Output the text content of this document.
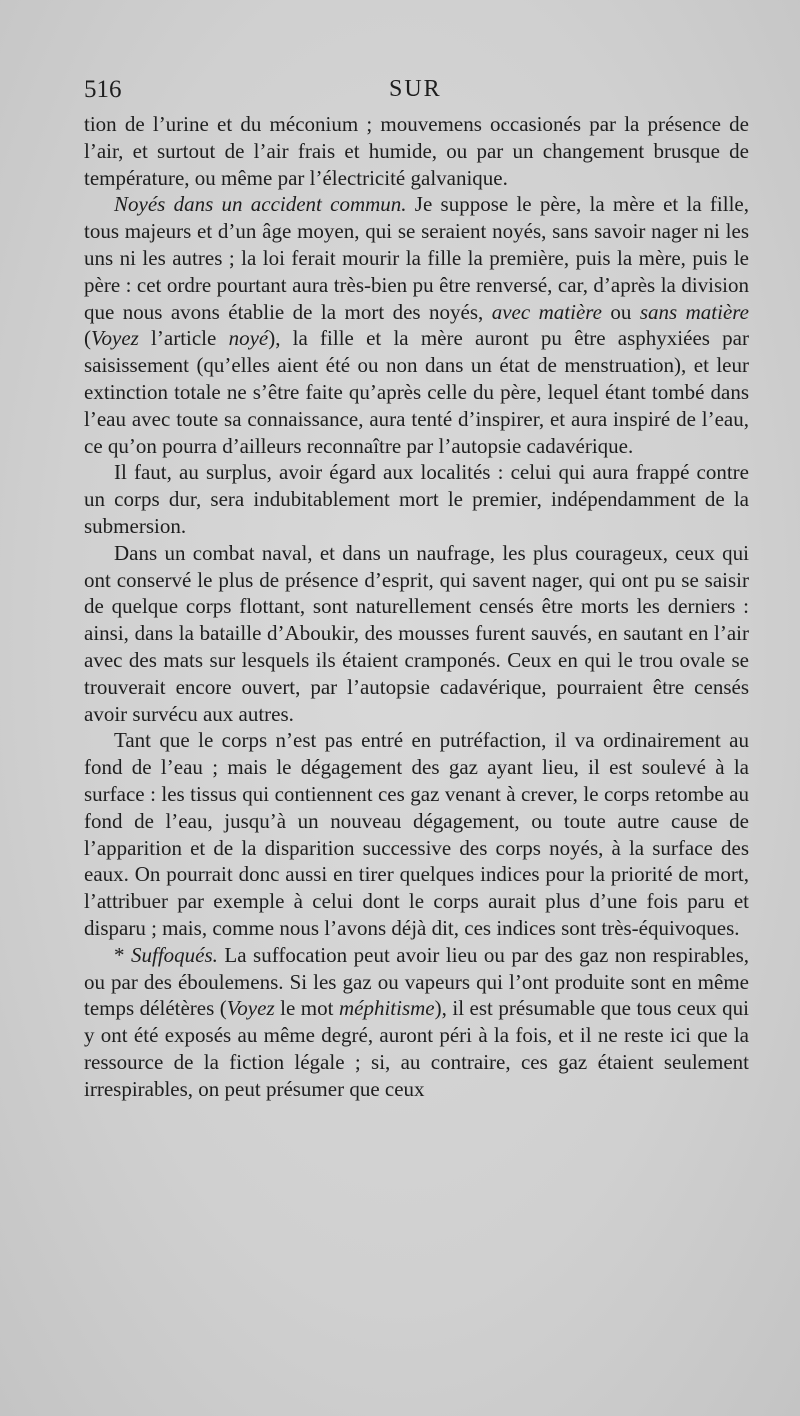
516	SUR

tion de l’urine et du méconium ; mouvemens occasionés par la présence de l’air, et surtout de l’air frais et humide, ou par un changement brusque de température, ou même par l’électricité galvanique.

Noyés dans un accident commun. Je suppose le père, la mère et la fille, tous majeurs et d’un âge moyen, qui se seraient noyés, sans savoir nager ni les uns ni les autres ; la loi ferait mourir la fille la première, puis la mère, puis le père : cet ordre pourtant aura très-bien pu être renversé, car, d’après la division que nous avons établie de la mort des noyés, avec matière ou sans matière (Voyez l’article noyé), la fille et la mère auront pu être asphyxiées par saisissement (qu’elles aient été ou non dans un état de menstruation), et leur extinction totale ne s’être faite qu’après celle du père, lequel étant tombé dans l’eau avec toute sa connaissance, aura tenté d’inspirer, et aura inspiré de l’eau, ce qu’on pourra d’ailleurs reconnaître par l’autopsie cadavérique.

Il faut, au surplus, avoir égard aux localités : celui qui aura frappé contre un corps dur, sera indubitablement mort le premier, indépendamment de la submersion.

Dans un combat naval, et dans un naufrage, les plus courageux, ceux qui ont conservé le plus de présence d’esprit, qui savent nager, qui ont pu se saisir de quelque corps flottant, sont naturellement censés être morts les derniers : ainsi, dans la bataille d’Aboukir, des mousses furent sauvés, en sautant en l’air avec des mats sur lesquels ils étaient cramponés. Ceux en qui le trou ovale se trouverait encore ouvert, par l’autopsie cadavérique, pourraient être censés avoir survécu aux autres.

Tant que le corps n’est pas entré en putréfaction, il va ordinairement au fond de l’eau ; mais le dégagement des gaz ayant lieu, il est soulevé à la surface : les tissus qui contiennent ces gaz venant à crever, le corps retombe au fond de l’eau, jusqu’à un nouveau dégagement, ou toute autre cause de l’apparition et de la disparition successive des corps noyés, à la surface des eaux. On pourrait donc aussi en tirer quelques indices pour la priorité de mort, l’attribuer par exemple à celui dont le corps aurait plus d’une fois paru et disparu ; mais, comme nous l’avons déjà dit, ces indices sont très-équivoques.

* Suffoqués. La suffocation peut avoir lieu ou par des gaz non respirables, ou par des éboulemens. Si les gaz ou vapeurs qui l’ont produite sont en même temps délétères (Voyez le mot méphitisme), il est présumable que tous ceux qui y ont été exposés au même degré, auront péri à la fois, et il ne reste ici que la ressource de la fiction légale ; si, au contraire, ces gaz étaient seulement irrespirables, on peut présumer que ceux
